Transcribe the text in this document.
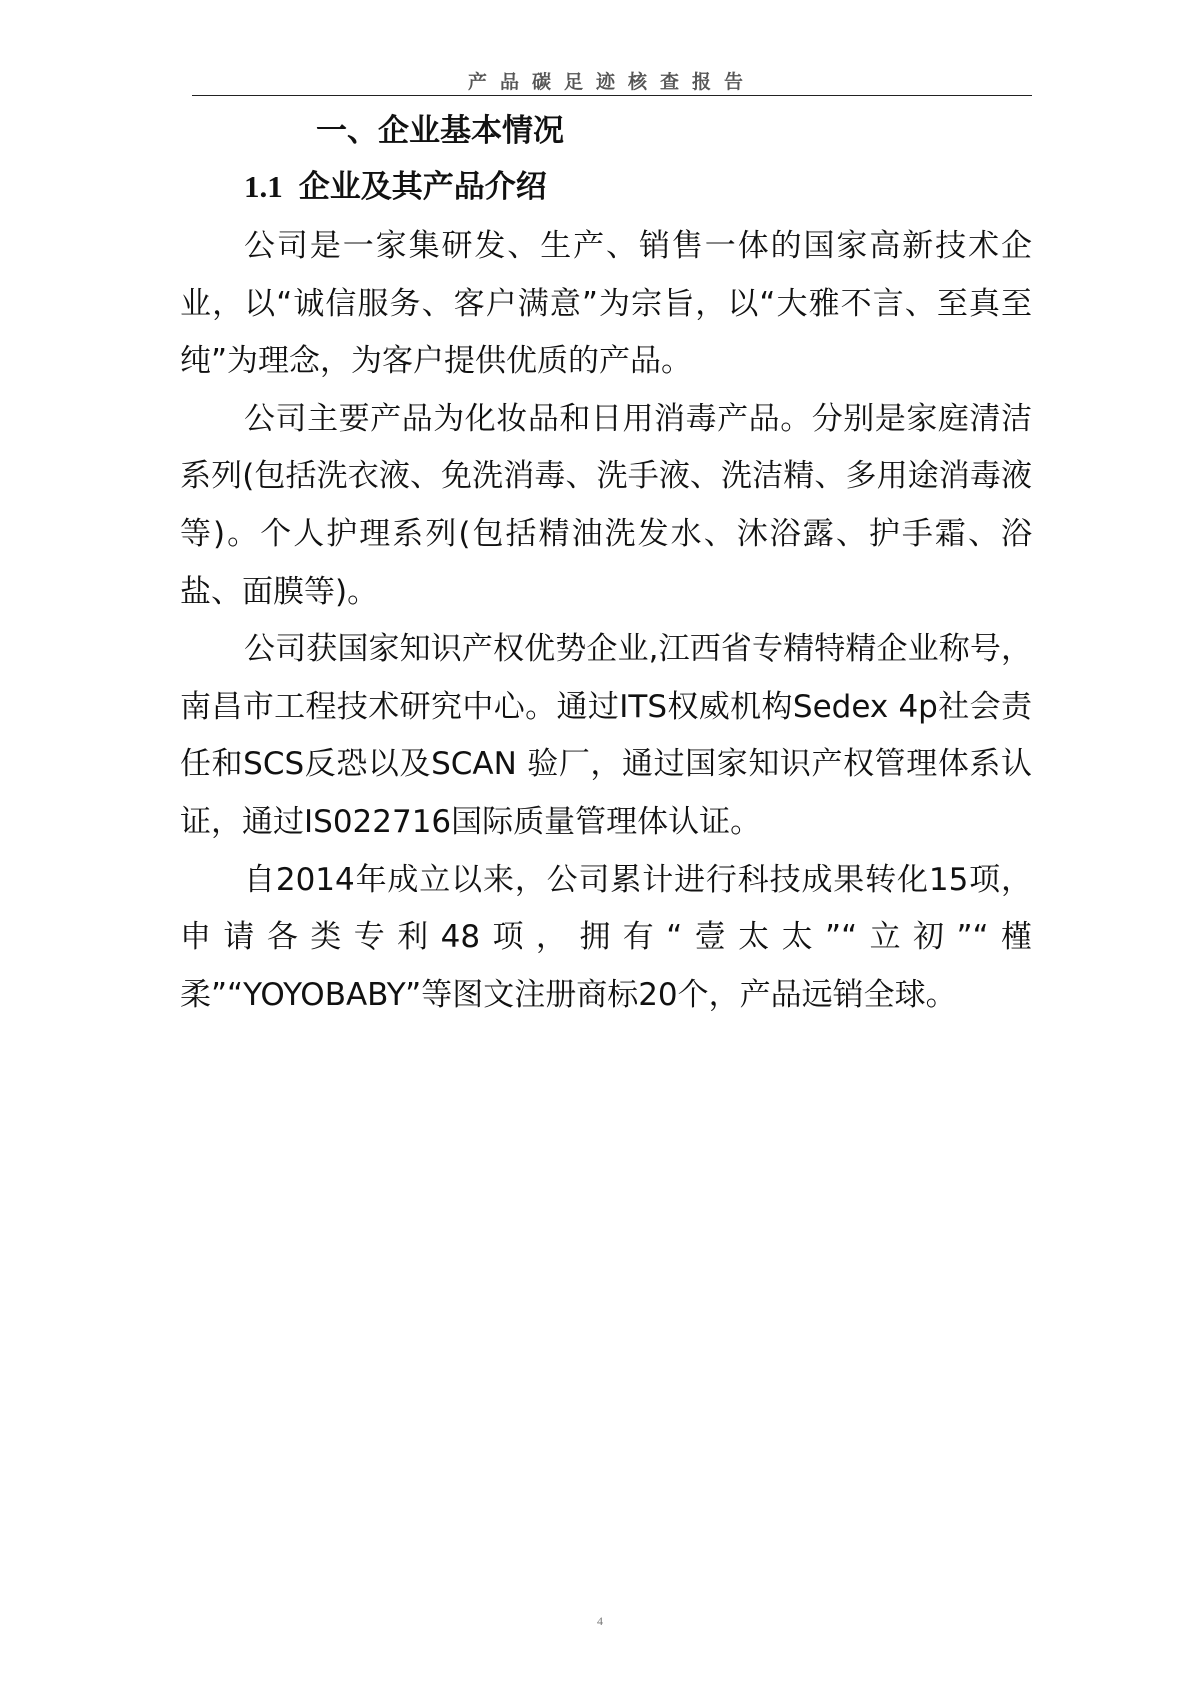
产品碳足迹核查报告
一、企业基本情况
1.1 企业及其产品介绍

公司是一家集研发、生产、销售一体的国家高新技术企业，以“诚信服务、客户满意”为宗旨，以“大雅不言、至真至纯”为理念，为客户提供优质的产品。

公司主要产品为化妆品和日用消毒产品。分别是家庭清洁系列(包括洗衣液、免洗消毒、洗手液、洗洁精、多用途消毒液等)。个人护理系列(包括精油洗发水、沐浴露、护手霜、浴盐、面膜等)。

公司获国家知识产权优势企业,江西省专精特精企业称号，南昌市工程技术研究中心。通过ITS权威机构Sedex 4p社会责任和SCS反恐以及SCAN 验厂，通过国家知识产权管理体系认证，通过IS022716国际质量管理体认证。

自2014年成立以来，公司累计进行科技成果转化15项，申请各类专利48项，拥有“壹太太”“立初”“槿柔”“YOYOBABY”等图文注册商标20个，产品远销全球。

4
